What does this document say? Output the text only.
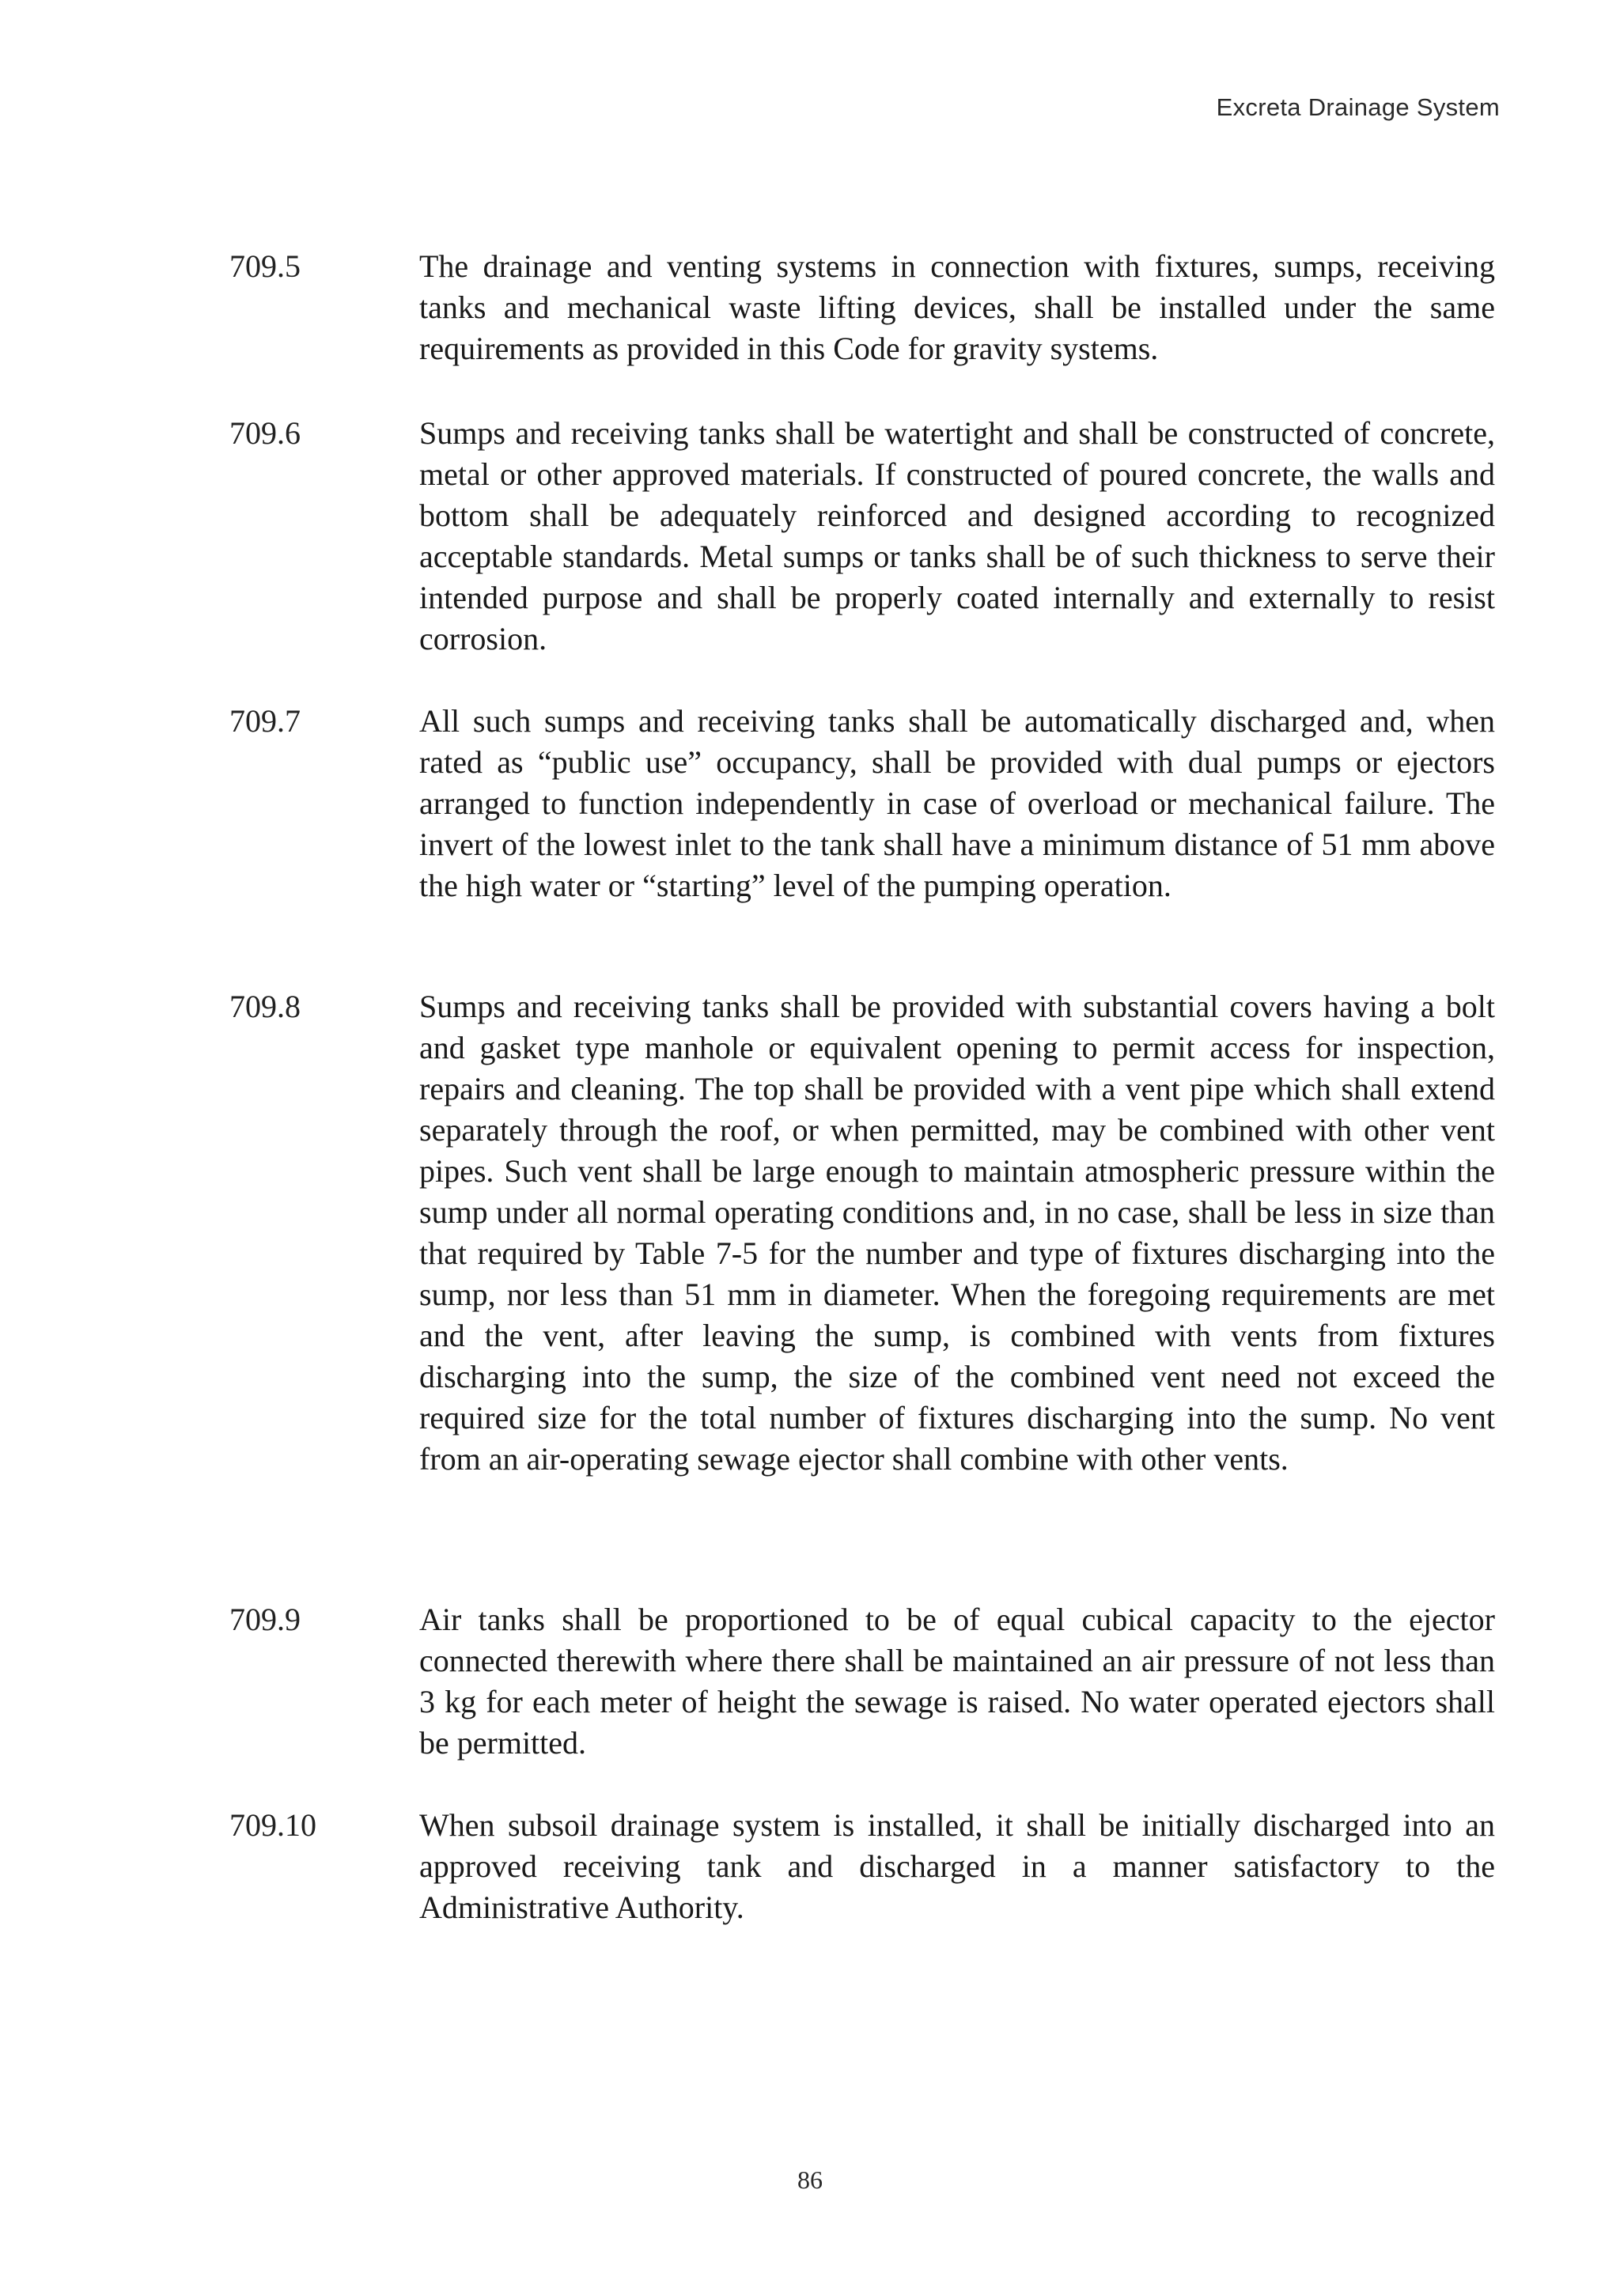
Excreta Drainage System
709.5	The drainage and venting systems in connection with fixtures, sumps, receiving tanks and mechanical waste lifting devices, shall be installed under the same requirements as provided in this Code for gravity systems.

709.6	Sumps and receiving tanks shall be watertight and shall be constructed of concrete, metal or other approved materials. If constructed of poured concrete, the walls and bottom shall be adequately reinforced and designed according to recognized acceptable standards. Metal sumps or tanks shall be of such thickness to serve their intended purpose and shall be properly coated internally and externally to resist corrosion.

709.7	All such sumps and receiving tanks shall be automatically discharged and, when rated as “public use” occupancy, shall be provided with dual pumps or ejectors arranged to function independently in case of overload or mechanical failure. The invert of the lowest inlet to the tank shall have a minimum distance of 51 mm above the high water or “starting” level of the pumping operation.

709.8	Sumps and receiving tanks shall be provided with substantial covers having a bolt and gasket type manhole or equivalent opening to permit access for inspection, repairs and cleaning. The top shall be provided with a vent pipe which shall extend separately through the roof, or when permitted, may be combined with other vent pipes. Such vent shall be large enough to maintain atmospheric pressure within the sump under all normal operating conditions and, in no case, shall be less in size than that required by Table 7-5 for the number and type of fixtures discharging into the sump, nor less than 51 mm in diameter. When the foregoing requirements are met and the vent, after leaving the sump, is combined with vents from fixtures discharging into the sump, the size of the combined vent need not exceed the required size for the total number of fixtures discharging into the sump. No vent from an air-operating sewage ejector shall combine with other vents.

709.9	Air tanks shall be proportioned to be of equal cubical capacity to the ejector connected therewith where there shall be maintained an air pressure of not less than 3 kg for each meter of height the sewage is raised. No water operated ejectors shall be permitted.

709.10	When subsoil drainage system is installed, it shall be initially discharged into an approved receiving tank and discharged in a manner satisfactory to the Administrative Authority.

86
